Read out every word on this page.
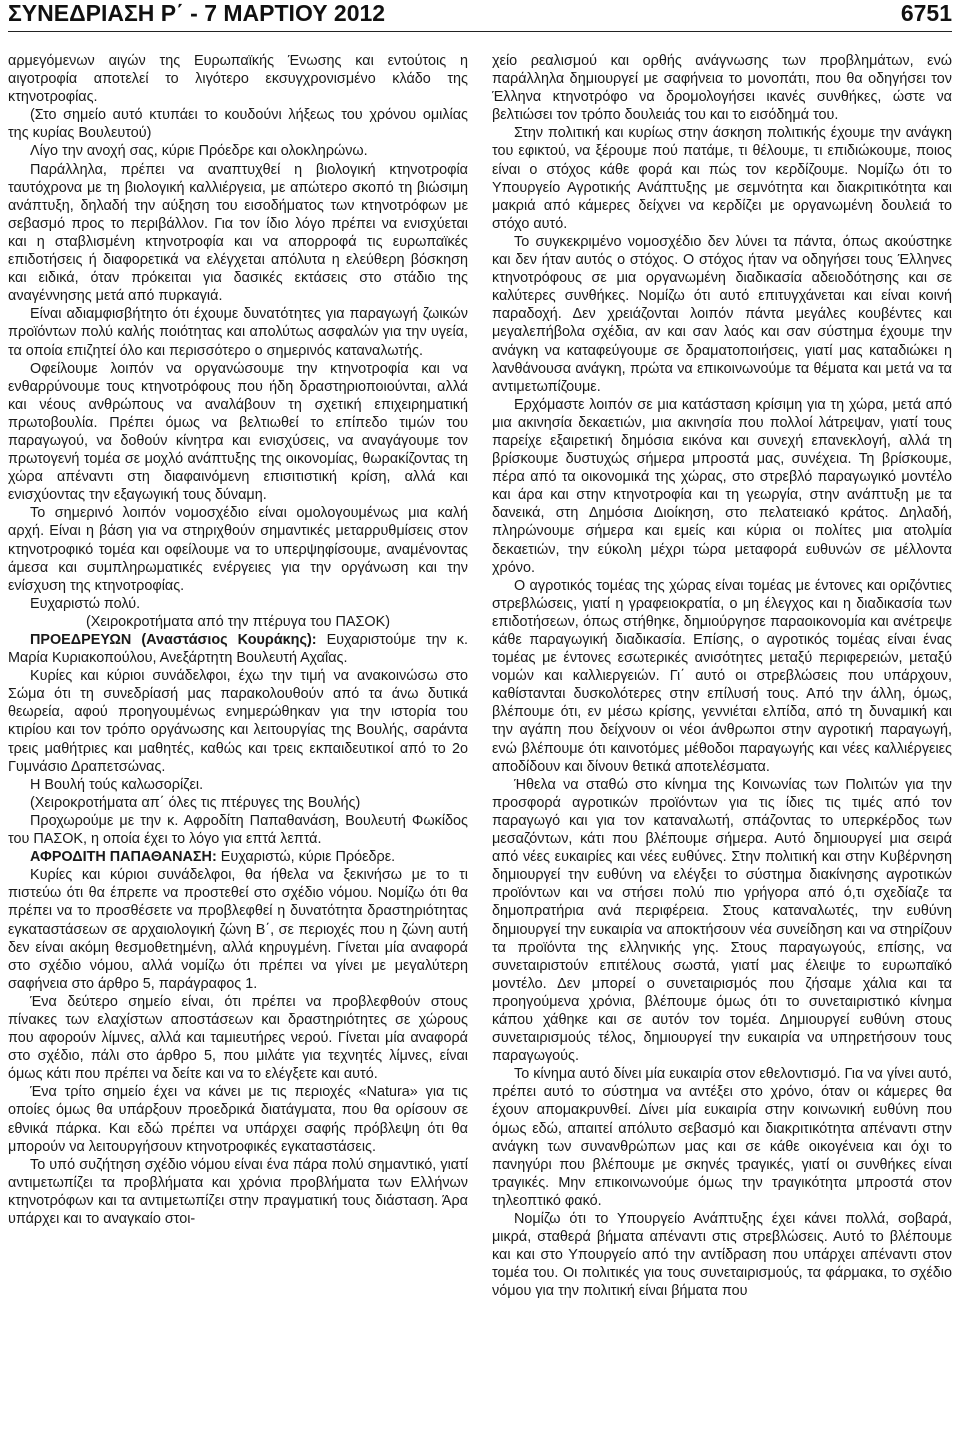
ΣΥΝΕΔΡΙΑΣΗ Ρ΄ - 7 ΜΑΡΤΙΟΥ 2012	6751

αρμεγόμενων αιγών της Ευρωπαϊκής Ένωσης και εντούτοις η αιγοτροφία αποτελεί το λιγότερο εκσυγχρονισμένο κλάδο της κτηνοτροφίας.

(Στο σημείο αυτό κτυπάει το κουδούνι λήξεως του χρόνου ομιλίας της κυρίας Βουλευτού)

Λίγο την ανοχή σας, κύριε Πρόεδρε και ολοκληρώνω.

Παράλληλα, πρέπει να αναπτυχθεί η βιολογική κτηνοτροφία ταυτόχρονα με τη βιολογική καλλιέργεια, με απώτερο σκοπό τη βιώσιμη ανάπτυξη, δηλαδή την αύξηση του εισοδήματος των κτηνοτρόφων με σεβασμό προς το περιβάλλον. Για τον ίδιο λόγο πρέπει να ενισχύεται και η σταβλισμένη κτηνοτροφία και να απορροφά τις ευρωπαϊκές επιδοτήσεις ή διαφορετικά να ελέγχεται απόλυτα η ελεύθερη βόσκηση και ειδικά, όταν πρόκειται για δασικές εκτάσεις στο στάδιο της αναγέννησης μετά από πυρκαγιά.

Είναι αδιαμφισβήτητο ότι έχουμε δυνατότητες για παραγωγή ζωικών προϊόντων πολύ καλής ποιότητας και απολύτως ασφαλών για την υγεία, τα οποία επιζητεί όλο και περισσότερο ο σημερινός καταναλωτής.

Οφείλουμε λοιπόν να οργανώσουμε την κτηνοτροφία και να ενθαρρύνουμε τους κτηνοτρόφους που ήδη δραστηριοποιούνται, αλλά και νέους ανθρώπους να αναλάβουν τη σχετική επιχειρηματική πρωτοβουλία. Πρέπει όμως να βελτιωθεί το επίπεδο τιμών του παραγωγού, να δοθούν κίνητρα και ενισχύσεις, να αναγάγουμε τον πρωτογενή τομέα σε μοχλό ανάπτυξης της οικονομίας, θωρακίζοντας τη χώρα απέναντι στη διαφαινόμενη επισιτιστική κρίση, αλλά και ενισχύοντας την εξαγωγική τους δύναμη.

Το σημερινό λοιπόν νομοσχέδιο είναι ομολογουμένως μια καλή αρχή. Είναι η βάση για να στηριχθούν σημαντικές μεταρρυθμίσεις στον κτηνοτροφικό τομέα και οφείλουμε να το υπερψηφίσουμε, αναμένοντας άμεσα και συμπληρωματικές ενέργειες για την οργάνωση και την ενίσχυση της κτηνοτροφίας.

Ευχαριστώ πολύ.

(Χειροκροτήματα από την πτέρυγα του ΠΑΣΟΚ)

ΠΡΟΕΔΡΕΥΩΝ (Αναστάσιος Κουράκης): Ευχαριστούμε την κ. Μαρία Κυριακοπούλου, Ανεξάρτητη Βουλευτή Αχαΐας.

Κυρίες και κύριοι συνάδελφοι, έχω την τιμή να ανακοινώσω στο Σώμα ότι τη συνεδρίασή μας παρακολουθούν από τα άνω δυτικά θεωρεία, αφού προηγουμένως ενημερώθηκαν για την ιστορία του κτιρίου και τον τρόπο οργάνωσης και λειτουργίας της Βουλής, σαράντα τρεις μαθήτριες και μαθητές, καθώς και τρεις εκπαιδευτικοί από το 2ο Γυμνάσιο Δραπετσώνας.

Η Βουλή τούς καλωσορίζει.

(Χειροκροτήματα απ΄ όλες τις πτέρυγες της Βουλής)

Προχωρούμε με την κ. Αφροδίτη Παπαθανάση, Βουλευτή Φωκίδος του ΠΑΣΟΚ, η οποία έχει το λόγο για επτά λεπτά.

ΑΦΡΟΔΙΤΗ ΠΑΠΑΘΑΝΑΣΗ: Ευχαριστώ, κύριε Πρόεδρε.

Κυρίες και κύριοι συνάδελφοι, θα ήθελα να ξεκινήσω με το τι πιστεύω ότι θα έπρεπε να προστεθεί στο σχέδιο νόμου. Νομίζω ότι θα πρέπει να το προσθέσετε να προβλεφθεί η δυνατότητα δραστηριότητας εγκαταστάσεων σε αρχαιολογική ζώνη Β΄, σε περιοχές που η ζώνη αυτή δεν είναι ακόμη θεσμοθετημένη, αλλά κηρυγμένη. Γίνεται μία αναφορά στο σχέδιο νόμου, αλλά νομίζω ότι πρέπει να γίνει με μεγαλύτερη σαφήνεια στο άρθρο 5, παράγραφος 1.

Ένα δεύτερο σημείο είναι, ότι πρέπει να προβλεφθούν στους πίνακες των ελαχίστων αποστάσεων και δραστηριότητες σε χώρους που αφορούν λίμνες, αλλά και ταμιευτήρες νερού. Γίνεται μία αναφορά στο σχέδιο, πάλι στο άρθρο 5, που μιλάτε για τεχνητές λίμνες, είναι όμως κάτι που πρέπει να δείτε και να το ελέγξετε και αυτό.

Ένα τρίτο σημείο έχει να κάνει με τις περιοχές «Natura» για τις οποίες όμως θα υπάρξουν προεδρικά διατάγματα, που θα ορίσουν σε εθνικά πάρκα. Και εδώ πρέπει να υπάρχει σαφής πρόβλεψη ότι θα μπορούν να λειτουργήσουν κτηνοτροφικές εγκαταστάσεις.

Το υπό συζήτηση σχέδιο νόμου είναι ένα πάρα πολύ σημαντικό, γιατί αντιμετωπίζει τα προβλήματα και χρόνια προβλήματα των Ελλήνων κτηνοτρόφων και τα αντιμετωπίζει στην πραγματική τους διάσταση. Άρα υπάρχει και το αναγκαίο στοι-

χείο ρεαλισμού και ορθής ανάγνωσης των προβλημάτων, ενώ παράλληλα δημιουργεί με σαφήνεια το μονοπάτι, που θα οδηγήσει τον Έλληνα κτηνοτρόφο να δρομολογήσει ικανές συνθήκες, ώστε να βελτιώσει τον τρόπο δουλειάς του και το εισόδημά του.

Στην πολιτική και κυρίως στην άσκηση πολιτικής έχουμε την ανάγκη του εφικτού, να ξέρουμε πού πατάμε, τι θέλουμε, τι επιδιώκουμε, ποιος είναι ο στόχος κάθε φορά και πώς τον κερδίζουμε. Νομίζω ότι το Υπουργείο Αγροτικής Ανάπτυξης με σεμνότητα και διακριτικότητα και μακριά από κάμερες δείχνει να κερδίζει με οργανωμένη δουλειά το στόχο αυτό.

Το συγκεκριμένο νομοσχέδιο δεν λύνει τα πάντα, όπως ακούστηκε και δεν ήταν αυτός ο στόχος. Ο στόχος ήταν να οδηγήσει τους Έλληνες κτηνοτρόφους σε μια οργανωμένη διαδικασία αδειοδότησης και σε καλύτερες συνθήκες. Νομίζω ότι αυτό επιτυγχάνεται και είναι κοινή παραδοχή. Δεν χρειάζονται λοιπόν πάντα μεγάλες κουβέντες και μεγαλεπήβολα σχέδια, αν και σαν λαός και σαν σύστημα έχουμε την ανάγκη να καταφεύγουμε σε δραματοποιήσεις, γιατί μας καταδιώκει η λανθάνουσα ανάγκη, πρώτα να επικοινωνούμε τα θέματα και μετά να τα αντιμετωπίζουμε.

Ερχόμαστε λοιπόν σε μια κατάσταση κρίσιμη για τη χώρα, μετά από μια ακινησία δεκαετιών, μια ακινησία που πολλοί λάτρεψαν, γιατί τους παρείχε εξαιρετική δημόσια εικόνα και συνεχή επανεκλογή, αλλά τη βρίσκουμε δυστυχώς σήμερα μπροστά μας, συνέχεια. Τη βρίσκουμε, πέρα από τα οικονομικά της χώρας, στο στρεβλό παραγωγικό μοντέλο και άρα και στην κτηνοτροφία και τη γεωργία, στην ανάπτυξη με τα δανεικά, στη Δημόσια Διοίκηση, στο πελατειακό κράτος. Δηλαδή, πληρώνουμε σήμερα και εμείς και κύρια οι πολίτες μια ατολμία δεκαετιών, την εύκολη μέχρι τώρα μεταφορά ευθυνών σε μέλλοντα χρόνο.

Ο αγροτικός τομέας της χώρας είναι τομέας με έντονες και οριζόντιες στρεβλώσεις, γιατί η γραφειοκρατία, ο μη έλεγχος και η διαδικασία των επιδοτήσεων, όπως στήθηκε, δημιούργησε παραοικονομία και ανέτρεψε κάθε παραγωγική διαδικασία. Επίσης, ο αγροτικός τομέας είναι ένας τομέας με έντονες εσωτερικές ανισότητες μεταξύ περιφερειών, μεταξύ νομών και καλλιεργειών. Γι΄ αυτό οι στρεβλώσεις που υπάρχουν, καθίστανται δυσκολότερες στην επίλυσή τους. Από την άλλη, όμως, βλέπουμε ότι, εν μέσω κρίσης, γεννιέται ελπίδα, από τη δυναμική και την αγάπη που δείχνουν οι νέοι άνθρωποι στην αγροτική παραγωγή, ενώ βλέπουμε ότι καινοτόμες μέθοδοι παραγωγής και νέες καλλιέργειες αποδίδουν και δίνουν θετικά αποτελέσματα.

Ήθελα να σταθώ στο κίνημα της Κοινωνίας των Πολιτών για την προσφορά αγροτικών προϊόντων για τις ίδιες τις τιμές από τον παραγωγό και για τον καταναλωτή, σπάζοντας το υπερκέρδος των μεσαζόντων, κάτι που βλέπουμε σήμερα. Αυτό δημιουργεί μια σειρά από νέες ευκαιρίες και νέες ευθύνες. Στην πολιτική και στην Κυβέρνηση δημιουργεί την ευθύνη να ελέγξει το σύστημα διακίνησης αγροτικών προϊόντων και να στήσει πολύ πιο γρήγορα από ό,τι σχεδίαζε τα δημοπρατήρια ανά περιφέρεια. Στους καταναλωτές, την ευθύνη δημιουργεί την ευκαιρία να αποκτήσουν νέα συνείδηση και να στηρίζουν τα προϊόντα της ελληνικής γης. Στους παραγωγούς, επίσης, να συνεταιριστούν επιτέλους σωστά, γιατί μας έλειψε το ευρωπαϊκό μοντέλο. Δεν μπορεί ο συνεταιρισμός που ζήσαμε χάλια και τα προηγούμενα χρόνια, βλέπουμε όμως ότι το συνεταιριστικό κίνημα κάπου χάθηκε και σε αυτόν τον τομέα. Δημιουργεί ευθύνη στους συνεταιρισμούς τέλος, δημιουργεί την ευκαιρία να υπηρετήσουν τους παραγωγούς.

Το κίνημα αυτό δίνει μία ευκαιρία στον εθελοντισμό. Για να γίνει αυτό, πρέπει αυτό το σύστημα να αντέξει στο χρόνο, όταν οι κάμερες θα έχουν απομακρυνθεί. Δίνει μία ευκαιρία στην κοινωνική ευθύνη που όμως εδώ, απαιτεί απόλυτο σεβασμό και διακριτικότητα απέναντι στην ανάγκη των συνανθρώπων μας και σε κάθε οικογένεια και όχι το πανηγύρι που βλέπουμε με σκηνές τραγικές, γιατί οι συνθήκες είναι τραγικές. Μην επικοινωνούμε όμως την τραγικότητα μπροστά στον τηλεοπτικό φακό.

Νομίζω ότι το Υπουργείο Ανάπτυξης έχει κάνει πολλά, σοβαρά, μικρά, σταθερά βήματα απέναντι στις στρεβλώσεις. Αυτό το βλέπουμε και και στο Υπουργείο από την αντίδραση που υπάρχει απέναντι στον τομέα του. Οι πολιτικές για τους συνεταιρισμούς, τα φάρμακα, το σχέδιο νόμου για την πολιτική είναι βήματα που
